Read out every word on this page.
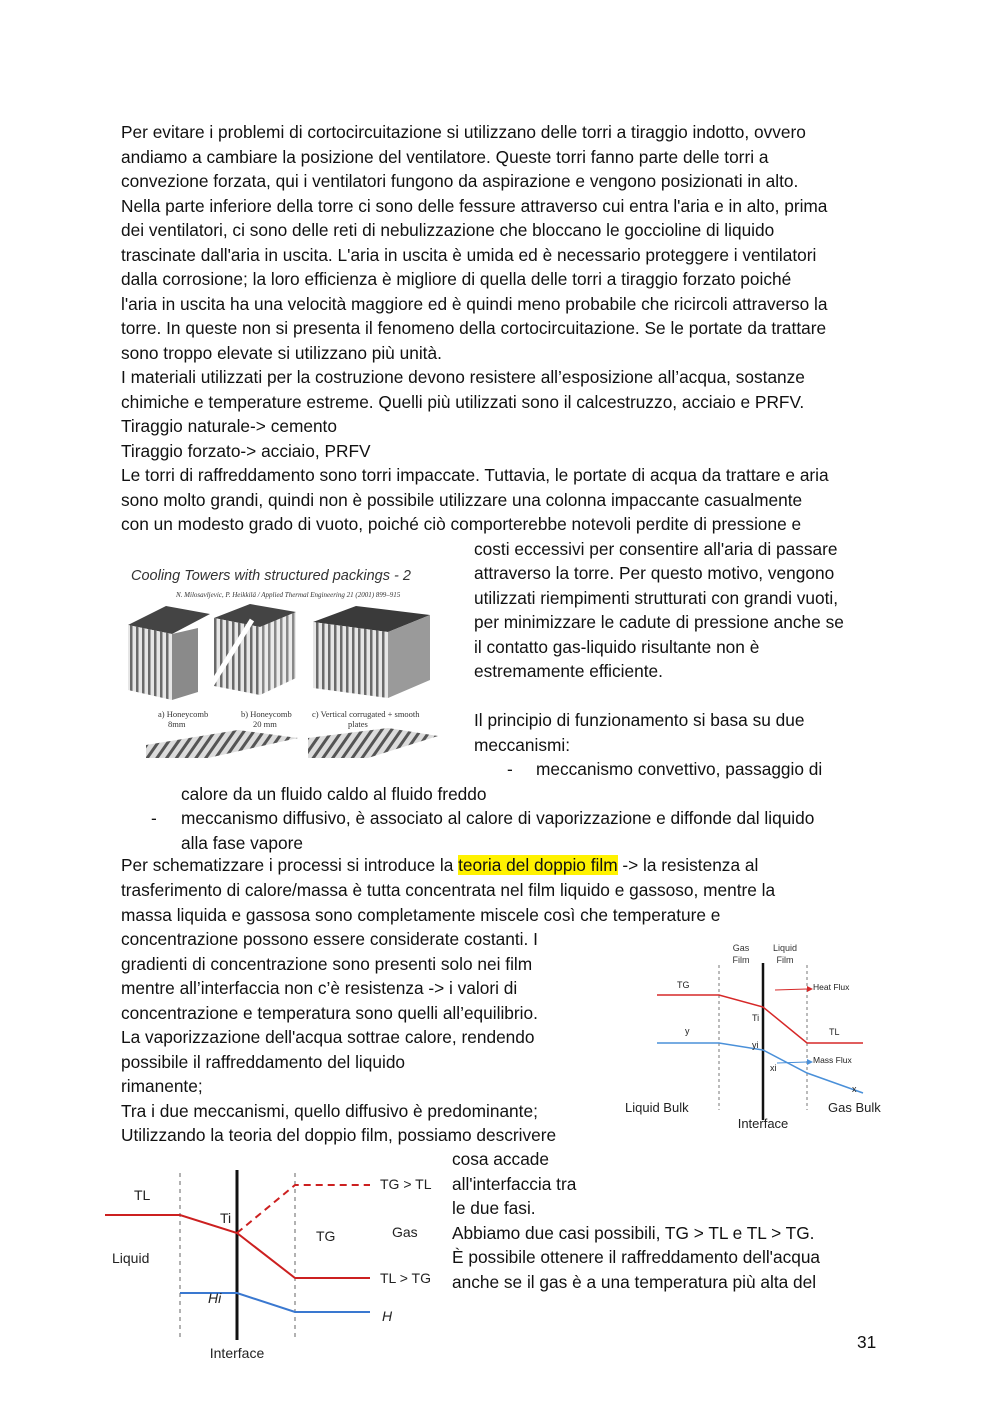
Per evitare i problemi di cortocircuitazione si utilizzano delle torri a tiraggio indotto, ovvero
andiamo a cambiare la posizione del ventilatore. Queste torri fanno parte delle torri a
convezione forzata, qui i ventilatori fungono da aspirazione e vengono posizionati in alto.
Nella parte inferiore della torre ci sono delle fessure attraverso cui entra l'aria e in alto, prima
dei ventilatori, ci sono delle reti di nebulizzazione che bloccano le goccioline di liquido
trascinate dall'aria in uscita. L'aria in uscita è umida ed è necessario proteggere i ventilatori
dalla corrosione; la loro efficienza è migliore di quella delle torri a tiraggio forzato poiché
l'aria in uscita ha una velocità maggiore ed è quindi meno probabile che ricircoli attraverso la
torre. In queste non si presenta il fenomeno della cortocircuitazione. Se le portate da trattare
sono troppo elevate si utilizzano più unità.
I materiali utilizzati per la costruzione devono resistere all’esposizione all’acqua, sostanze
chimiche e temperature estreme. Quelli più utilizzati sono il calcestruzzo, acciaio e PRFV.
Tiraggio naturale-> cemento
Tiraggio forzato-> acciaio, PRFV
Le torri di raffreddamento sono torri impaccate. Tuttavia, le portate di acqua da trattare e aria
sono molto grandi, quindi non è possibile utilizzare una colonna impaccante casualmente
con un modesto grado di vuoto, poiché ciò comporterebbe notevoli perdite di pressione e
Cooling Towers with structured packings - 2
N. Milosavljevic, P. Heikkilä / Applied Thermal Engineering 21 (2001) 899–915
a) Honeycomb
8mm
b) Honeycomb
20 mm
c) Vertical corrugated + smooth
plates
costi eccessivi per consentire all'aria di passare
attraverso la torre. Per questo motivo, vengono
utilizzati riempimenti strutturati con grandi vuoti,
per minimizzare le cadute di pressione anche se
il contatto gas-liquido risultante non è
estremamente efficiente.
Il principio di funzionamento si basa su due
meccanismi:
- meccanismo convettivo, passaggio di
calore da un fluido caldo al fluido freddo
- meccanismo diffusivo, è associato al calore di vaporizzazione e diffonde dal liquido
alla fase vapore
Per schematizzare i processi si introduce la teoria del doppio film -> la resistenza al
trasferimento di calore/massa è tutta concentrata nel film liquido e gassoso, mentre la
massa liquida e gassosa sono completamente miscele così che temperature e
concentrazione possono essere considerate costanti. I
gradienti di concentrazione sono presenti solo nei film
mentre all’interfaccia non c’è resistenza -> i valori di
concentrazione e temperatura sono quelli all’equilibrio.
La vaporizzazione dell'acqua sottrae calore, rendendo
possibile il raffreddamento del liquido
rimanente;
Tra i due meccanismi, quello diffusivo è predominante;
Utilizzando la teoria del doppio film, possiamo descrivere
Gas
Film
Liquid
Film
TG
Ti
TL
y
yi
xi
x
Heat Flux
Mass Flux
Liquid Bulk	Gas Bulk
Interface
TL
Ti
TG
TG > TL
TL > TG
Gas
Liquid
Hi
H
Interface
cosa accade
all'interfaccia tra
le due fasi.
Abbiamo due casi possibili, TG > TL e TL > TG.
È possibile ottenere il raffreddamento dell'acqua
anche se il gas è a una temperatura più alta del
31
